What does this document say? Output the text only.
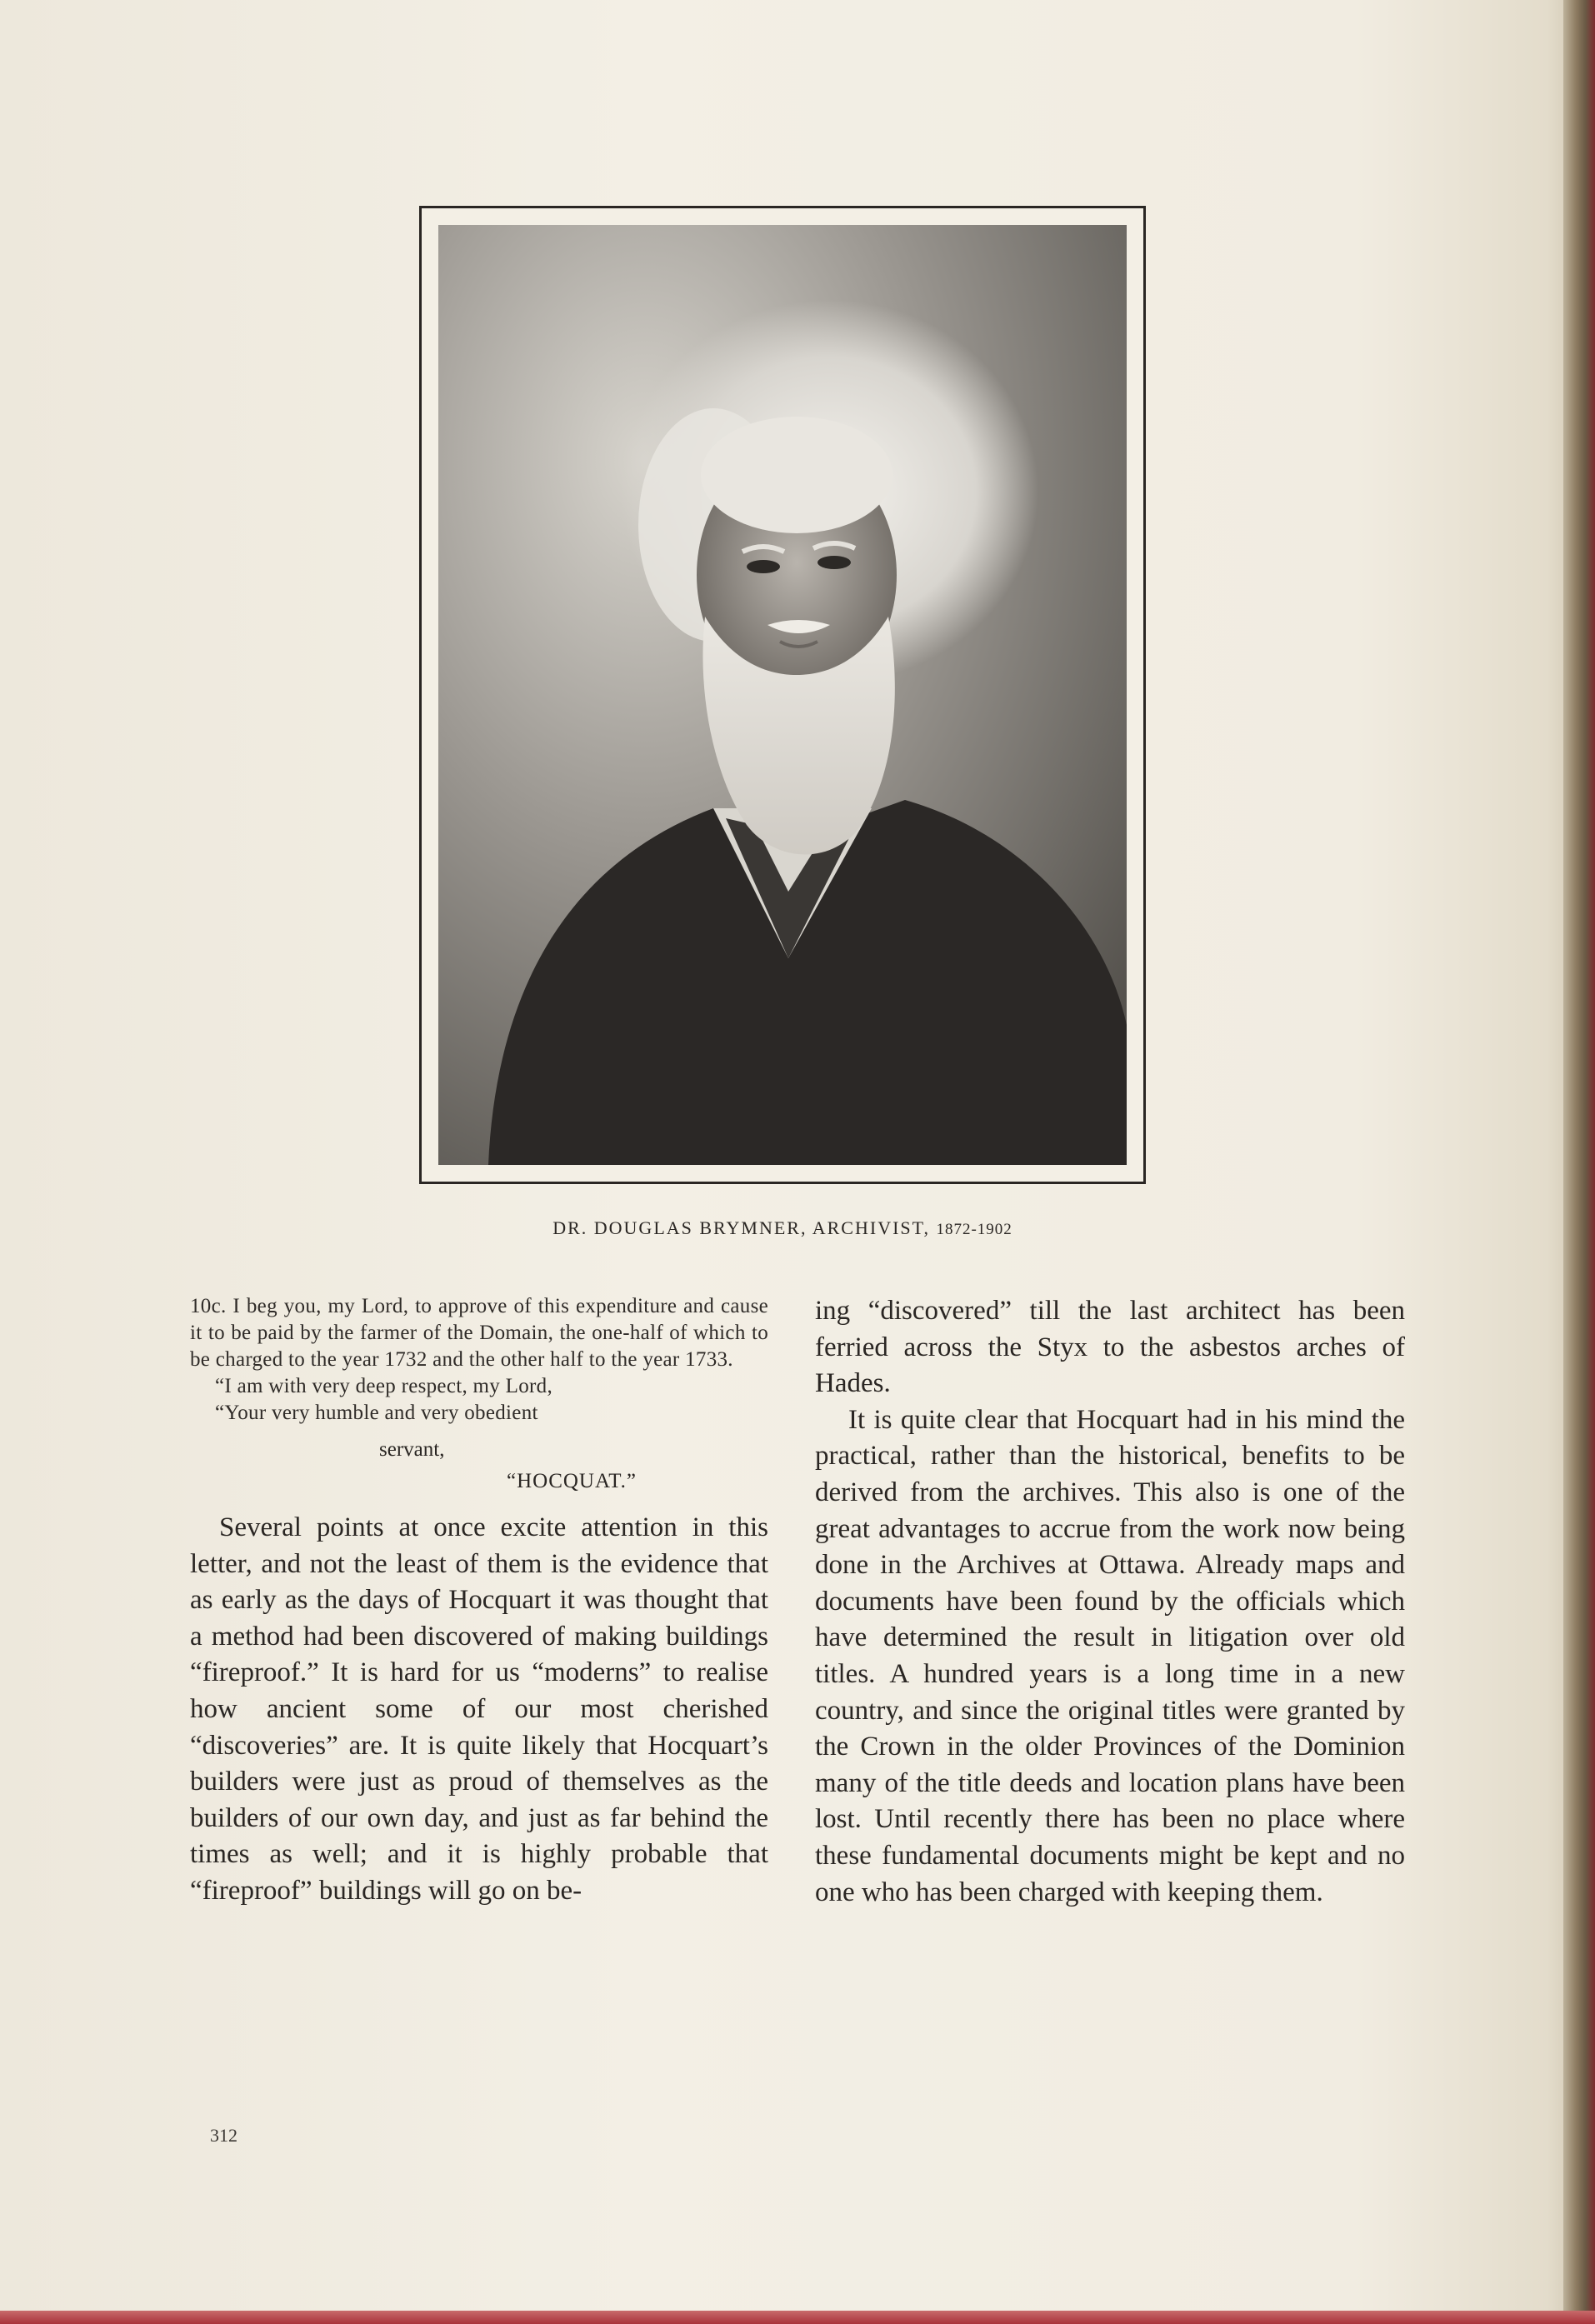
DR. DOUGLAS BRYMNER, ARCHIVIST, 1872-1902

10c. I beg you, my Lord, to approve of this expenditure and cause it to be paid by the farmer of the Domain, the one-half of which to be charged to the year 1732 and the other half to the year 1733.

“I am with very deep respect, my Lord,

“Your very humble and very obedient

servant,

“HOCQUAT.”

Several points at once excite attention in this letter, and not the least of them is the evidence that as early as the days of Hocquart it was thought that a method had been discovered of making buildings “fireproof.” It is hard for us “moderns” to realise how ancient some of our most cherished “discoveries” are. It is quite likely that Hocquart’s builders were just as proud of themselves as the builders of our own day, and just as far behind the times as well; and it is highly probable that “fireproof” buildings will go on be-

ing “discovered” till the last architect has been ferried across the Styx to the asbestos arches of Hades.

It is quite clear that Hocquart had in his mind the practical, rather than the historical, benefits to be derived from the archives. This also is one of the great advantages to accrue from the work now being done in the Archives at Ottawa. Already maps and documents have been found by the officials which have determined the result in litigation over old titles. A hundred years is a long time in a new country, and since the original titles were granted by the Crown in the older Provinces of the Dominion many of the title deeds and location plans have been lost. Until recently there has been no place where these fundamental documents might be kept and no one who has been charged with keeping them.

312
